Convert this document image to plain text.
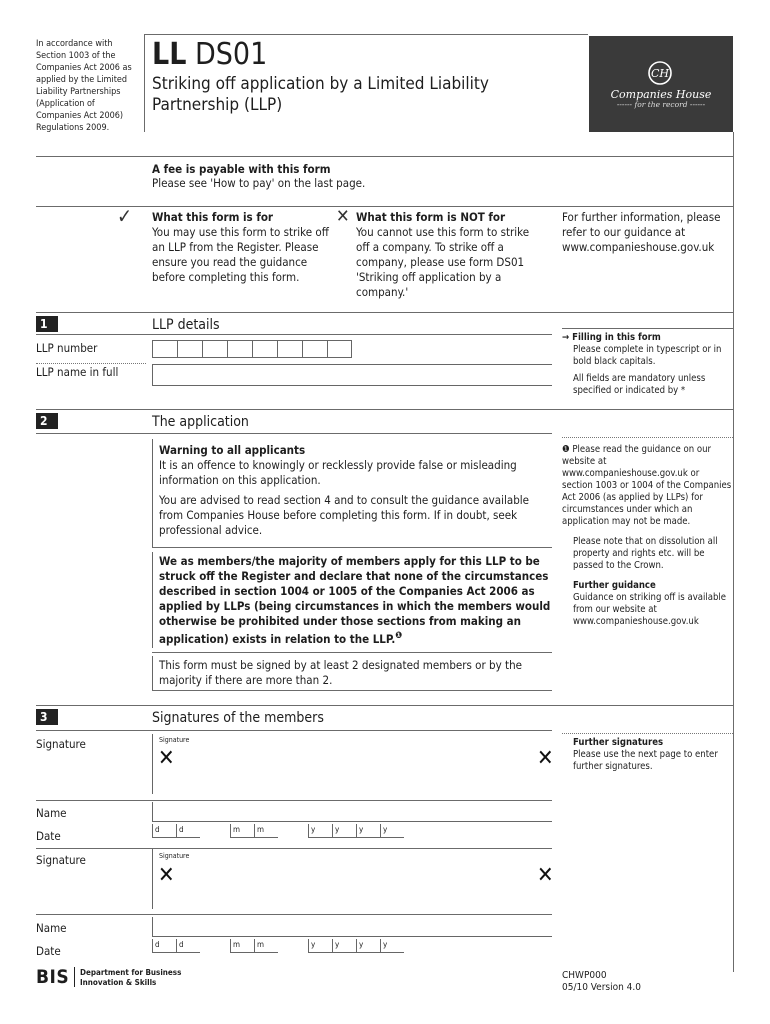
In accordance with Section 1003 of the Companies Act 2006 as applied by the Limited Liability Partnerships (Application of Companies Act 2006) Regulations 2009.
LL DS01
Striking off application by a Limited Liability Partnership (LLP)
CH
Companies House
------ for the record ------
A fee is payable with this form
Please see 'How to pay' on the last page.
✓ What this form is for
You may use this form to strike off an LLP from the Register. Please ensure you read the guidance before completing this form.
✕ What this form is NOT for
You cannot use this form to strike off a company. To strike off a company, please use form DS01 'Striking off application by a company.'
For further information, please refer to our guidance at www.companieshouse.gov.uk
1	LLP details
LLP number
LLP name in full
→ Filling in this form
Please complete in typescript or in bold black capitals.
All fields are mandatory unless specified or indicated by *
2	The application
Warning to all applicants
It is an offence to knowingly or recklessly provide false or misleading information on this application.
You are advised to read section 4 and to consult the guidance available from Companies House before completing this form. If in doubt, seek professional advice.
We as members/the majority of members apply for this LLP to be struck off the Register and declare that none of the circumstances described in section 1004 or 1005 of the Companies Act 2006 as applied by LLPs (being circumstances in which the members would otherwise be prohibited under those sections from making an application) exists in relation to the LLP.$^❶$
This form must be signed by at least 2 designated members or by the majority if there are more than 2.
❶ Please read the guidance on our website at www.companieshouse.gov.uk or section 1003 or 1004 of the Companies Act 2006 (as applied by LLPs) for circumstances under which an application may not be made.
Please note that on dissolution all property and rights etc. will be passed to the Crown.
Further guidance
Guidance on striking off is available from our website at www.companieshouse.gov.uk
3	Signatures of the members
Signature	Signature
✕	✕
Name
Date	d	d	m	m	y	y	y	y
Signature	Signature
✕	✕
Name
Date	d	d	m	m	y	y	y	y
Further signatures
Please use the next page to enter further signatures.
BIS Department for Business
Innovation & Skills
CHWP000
05/10 Version 4.0
